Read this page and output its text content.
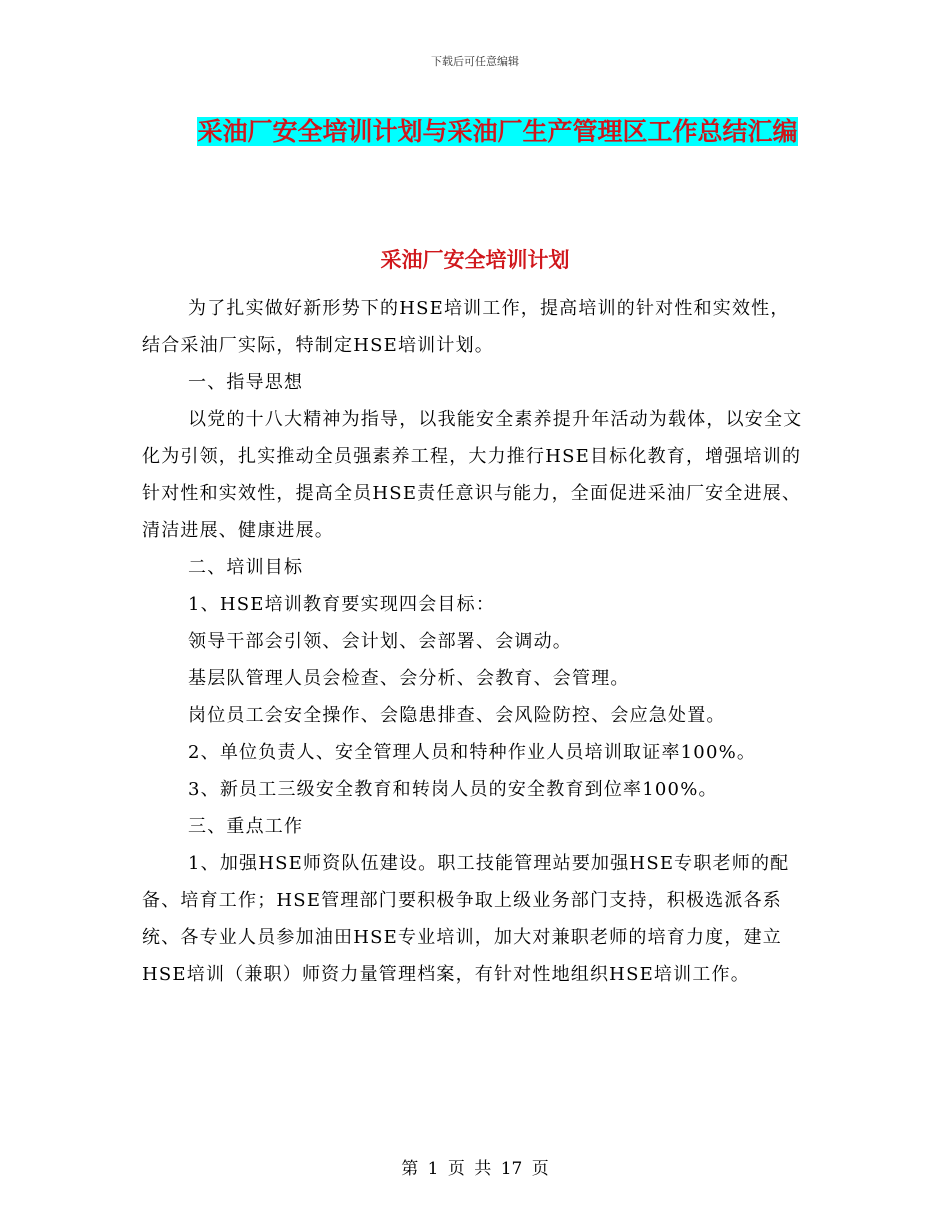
下载后可任意编辑
采油厂安全培训计划与采油厂生产管理区工作总结汇编
采油厂安全培训计划

为了扎实做好新形势下的HSE培训工作，提高培训的针对性和实效性，结合采油厂实际，特制定HSE培训计划。

一、指导思想

以党的十八大精神为指导，以我能安全素养提升年活动为载体，以安全文化为引领，扎实推动全员强素养工程，大力推行HSE目标化教育，增强培训的针对性和实效性，提高全员HSE责任意识与能力，全面促进采油厂安全进展、清洁进展、健康进展。

二、培训目标

1、HSE培训教育要实现四会目标：

领导干部会引领、会计划、会部署、会调动。

基层队管理人员会检查、会分析、会教育、会管理。

岗位员工会安全操作、会隐患排查、会风险防控、会应急处置。

2、单位负责人、安全管理人员和特种作业人员培训取证率100%。

3、新员工三级安全教育和转岗人员的安全教育到位率100%。

三、重点工作

1、加强HSE师资队伍建设。职工技能管理站要加强HSE专职老师的配备、培育工作；HSE管理部门要积极争取上级业务部门支持，积极选派各系统、各专业人员参加油田HSE专业培训，加大对兼职老师的培育力度，建立HSE培训（兼职）师资力量管理档案，有针对性地组织HSE培训工作。

第 1 页 共 17 页
